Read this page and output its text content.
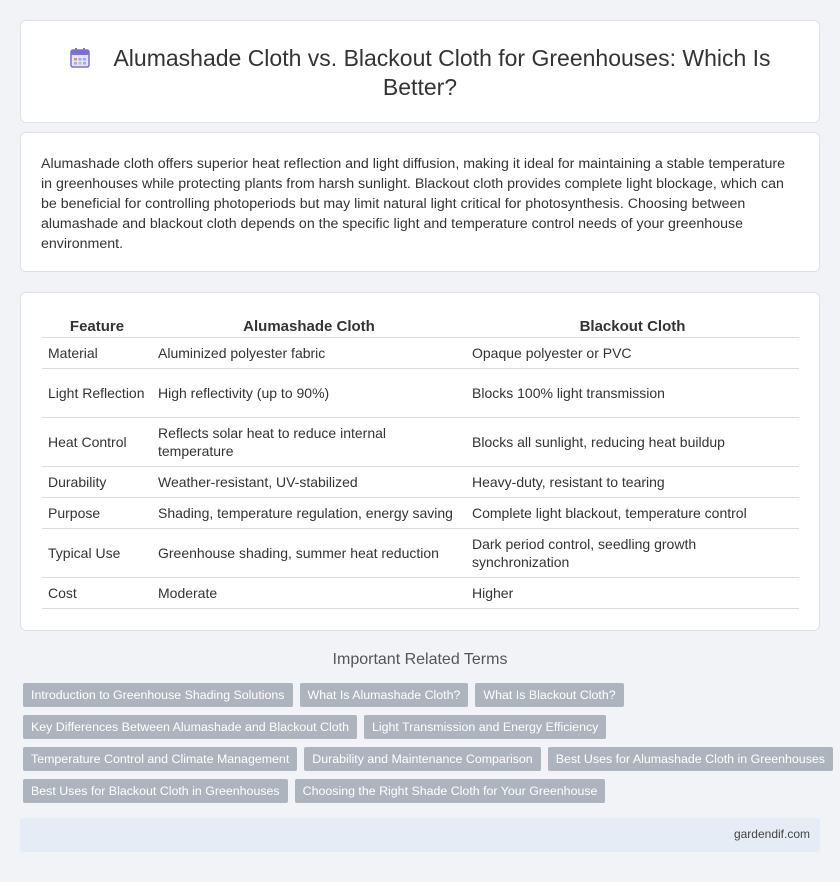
Alumashade Cloth vs. Blackout Cloth for Greenhouses: Which Is Better?

Alumashade cloth offers superior heat reflection and light diffusion, making it ideal for maintaining a stable temperature in greenhouses while protecting plants from harsh sunlight. Blackout cloth provides complete light blockage, which can be beneficial for controlling photoperiods but may limit natural light critical for photosynthesis. Choosing between alumashade and blackout cloth depends on the specific light and temperature control needs of your greenhouse environment.

Feature	Alumashade Cloth	Blackout Cloth
Material	Aluminized polyester fabric	Opaque polyester or PVC
Light Reflection	High reflectivity (up to 90%)	Blocks 100% light transmission
Heat Control	Reflects solar heat to reduce internal temperature	Blocks all sunlight, reducing heat buildup
Durability	Weather-resistant, UV-stabilized	Heavy-duty, resistant to tearing
Purpose	Shading, temperature regulation, energy saving	Complete light blackout, temperature control
Typical Use	Greenhouse shading, summer heat reduction	Dark period control, seedling growth synchronization
Cost	Moderate	Higher
Important Related Terms
Introduction to Greenhouse Shading Solutions	What Is Alumashade Cloth?	What Is Blackout Cloth?
Key Differences Between Alumashade and Blackout Cloth	Light Transmission and Energy Efficiency
Temperature Control and Climate Management	Durability and Maintenance Comparison	Best Uses for Alumashade Cloth in Greenhouses
Best Uses for Blackout Cloth in Greenhouses	Choosing the Right Shade Cloth for Your Greenhouse
gardendif.com
